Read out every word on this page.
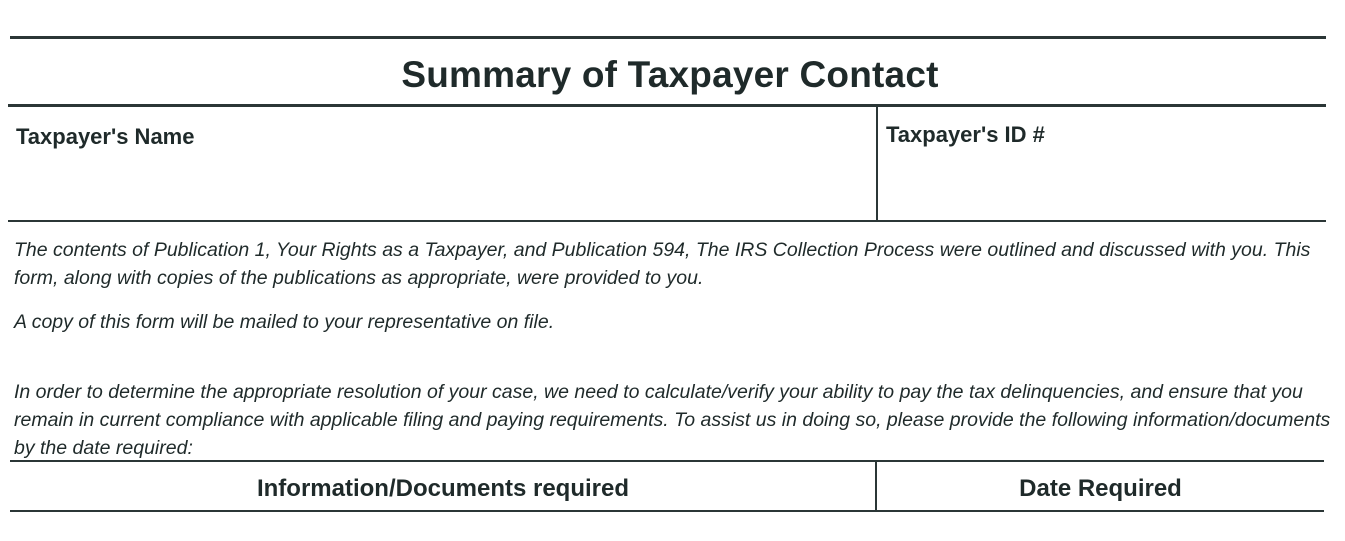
Summary of Taxpayer Contact
Taxpayer's Name	Taxpayer's ID #

The contents of Publication 1, Your Rights as a Taxpayer, and Publication 594, The IRS Collection Process were outlined and discussed with you. This form, along with copies of the publications as appropriate, were provided to you.

A copy of this form will be mailed to your representative on file.

In order to determine the appropriate resolution of your case, we need to calculate/verify your ability to pay the tax delinquencies, and ensure that you remain in current compliance with applicable filing and paying requirements. To assist us in doing so, please provide the following information/documents by the date required:

Information/Documents required	Date Required
